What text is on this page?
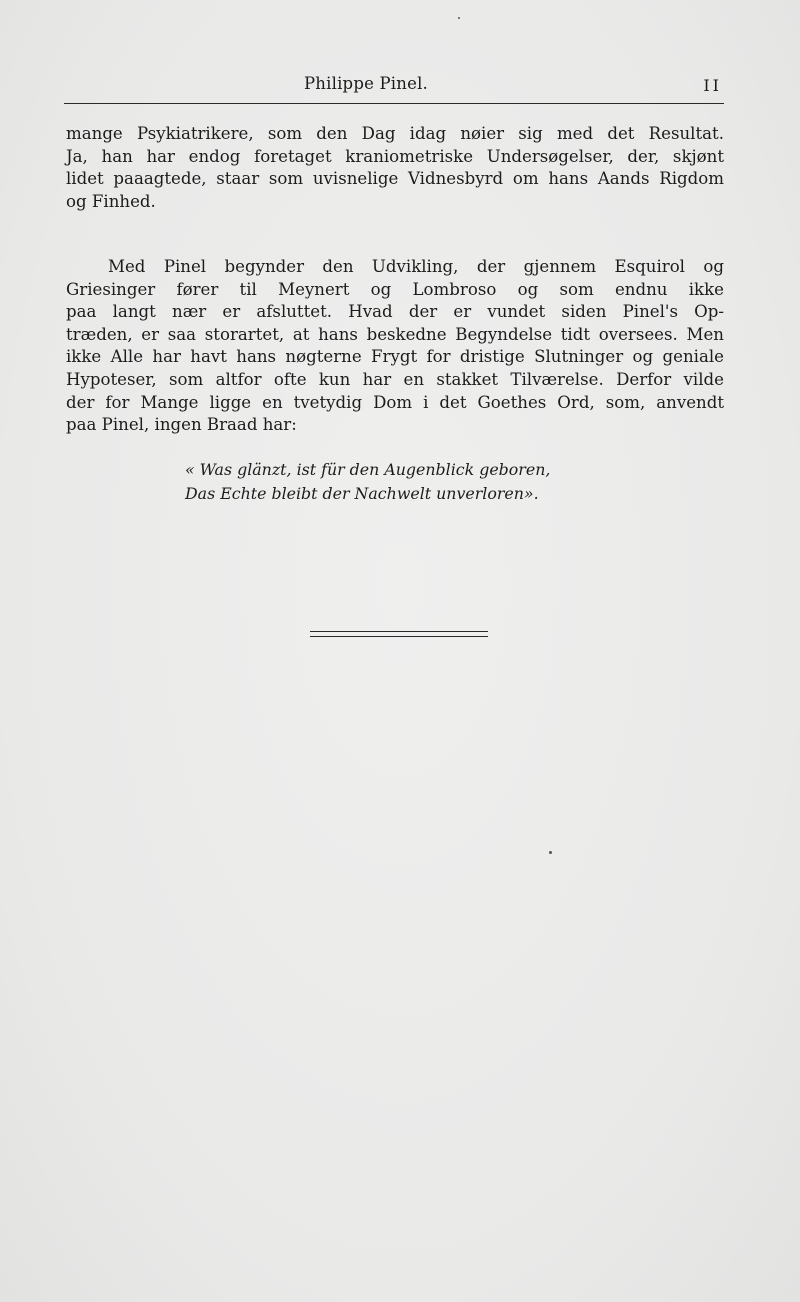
Philippe Pinel.	II

mange Psykiatrikere, som den Dag idag nøier sig med det Resultat.
Ja, han har endog foretaget kraniometriske Undersøgelser, der, skjønt
lidet paaagtede, staar som uvisnelige Vidnesbyrd om hans Aands Rigdom
og Finhed.

Med Pinel begynder den Udvikling, der gjennem Esquirol og
Griesinger fører til Meynert og Lombroso og som endnu ikke
paa langt nær er afsluttet. Hvad der er vundet siden Pinel's Op-
træden, er saa storartet, at hans beskedne Begyndelse tidt oversees. Men
ikke Alle har havt hans nøgterne Frygt for dristige Slutninger og geniale
Hypoteser, som altfor ofte kun har en stakket Tilværelse. Derfor vilde
der for Mange ligge en tvetydig Dom i det Goethes Ord, som, anvendt
paa Pinel, ingen Braad har:

« Was glänzt, ist für den Augenblick geboren,
Das Echte bleibt der Nachwelt unverloren».
